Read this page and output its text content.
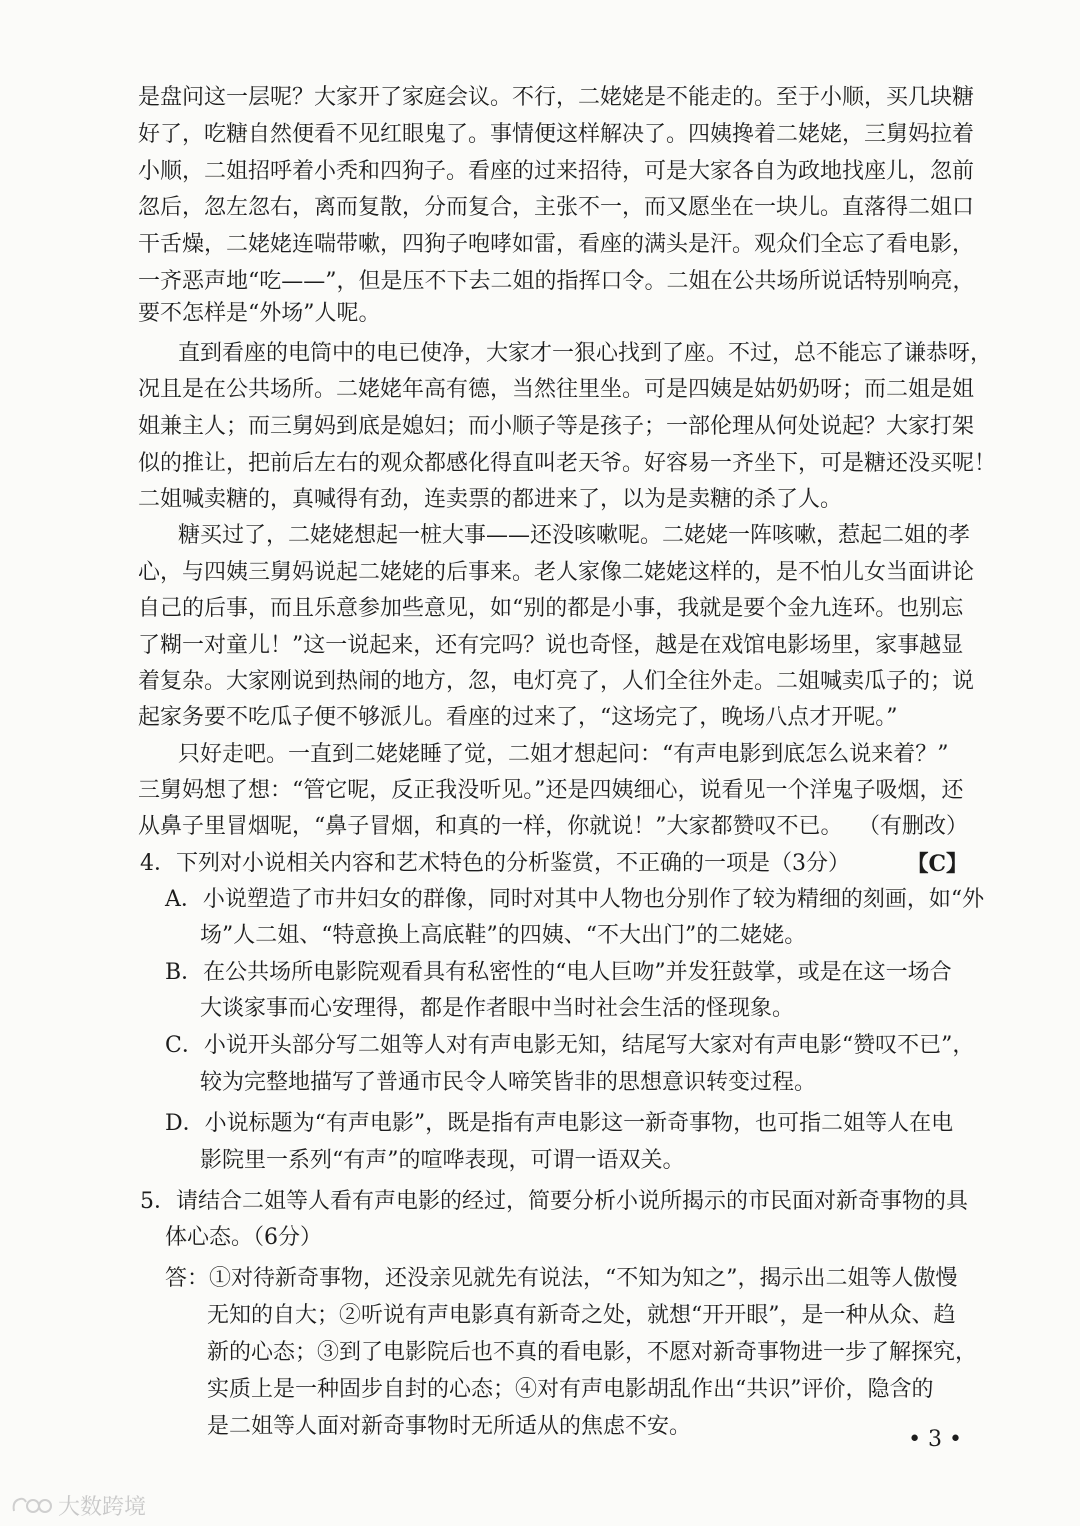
是盘问这一层呢？大家开了家庭会议。不行，二姥姥是不能走的。至于小顺，买几块糖
好了，吃糖自然便看不见红眼鬼了。事情便这样解决了。四姨搀着二姥姥，三舅妈拉着
小顺，二姐招呼着小秃和四狗子。看座的过来招待，可是大家各自为政地找座儿，忽前
忽后，忽左忽右，离而复散，分而复合，主张不一，而又愿坐在一块儿。直落得二姐口
干舌燥，二姥姥连喘带嗽，四狗子咆哮如雷，看座的满头是汗。观众们全忘了看电影，
一齐恶声地“吃——”，但是压不下去二姐的指挥口令。二姐在公共场所说话特别响亮，
要不怎样是“外场”人呢。
直到看座的电筒中的电已使净，大家才一狠心找到了座。不过，总不能忘了谦恭呀，
况且是在公共场所。二姥姥年高有德，当然往里坐。可是四姨是姑奶奶呀；而二姐是姐
姐兼主人；而三舅妈到底是媳妇；而小顺子等是孩子；一部伦理从何处说起？大家打架
似的推让，把前后左右的观众都感化得直叫老天爷。好容易一齐坐下，可是糖还没买呢！
二姐喊卖糖的，真喊得有劲，连卖票的都进来了，以为是卖糖的杀了人。
糖买过了，二姥姥想起一桩大事——还没咳嗽呢。二姥姥一阵咳嗽，惹起二姐的孝
心，与四姨三舅妈说起二姥姥的后事来。老人家像二姥姥这样的，是不怕儿女当面讲论
自己的后事，而且乐意参加些意见，如“别的都是小事，我就是要个金九连环。也别忘
了糊一对童儿！”这一说起来，还有完吗？说也奇怪，越是在戏馆电影场里，家事越显
着复杂。大家刚说到热闹的地方，忽，电灯亮了，人们全往外走。二姐喊卖瓜子的；说
起家务要不吃瓜子便不够派儿。看座的过来了，“这场完了，晚场八点才开呢。”
只好走吧。一直到二姥姥睡了觉，二姐才想起问：“有声电影到底怎么说来着？”
三舅妈想了想：“管它呢，反正我没听见。”还是四姨细心，说看见一个洋鬼子吸烟，还
从鼻子里冒烟呢，“鼻子冒烟，和真的一样，你就说！”大家都赞叹不已。 （有删改）
4．下列对小说相关内容和艺术特色的分析鉴赏，不正确的一项是（3分）	【C】
A．小说塑造了市井妇女的群像，同时对其中人物也分别作了较为精细的刻画，如“外
场”人二姐、“特意换上高底鞋”的四姨、“不大出门”的二姥姥。
B．在公共场所电影院观看具有私密性的“电人巨吻”并发狂鼓掌，或是在这一场合
大谈家事而心安理得，都是作者眼中当时社会生活的怪现象。
C．小说开头部分写二姐等人对有声电影无知，结尾写大家对有声电影“赞叹不已”，
较为完整地描写了普通市民令人啼笑皆非的思想意识转变过程。
D．小说标题为“有声电影”，既是指有声电影这一新奇事物，也可指二姐等人在电
影院里一系列“有声”的喧哗表现，可谓一语双关。
5．请结合二姐等人看有声电影的经过，简要分析小说所揭示的市民面对新奇事物的具
体心态。（6分）
答：①对待新奇事物，还没亲见就先有说法，“不知为知之”，揭示出二姐等人傲慢
无知的自大；②听说有声电影真有新奇之处，就想“开开眼”，是一种从众、趋
新的心态；③到了电影院后也不真的看电影，不愿对新奇事物进一步了解探究，
实质上是一种固步自封的心态；④对有声电影胡乱作出“共识”评价，隐含的
是二姐等人面对新奇事物时无所适从的焦虑不安。
• 3 •
大数跨境
